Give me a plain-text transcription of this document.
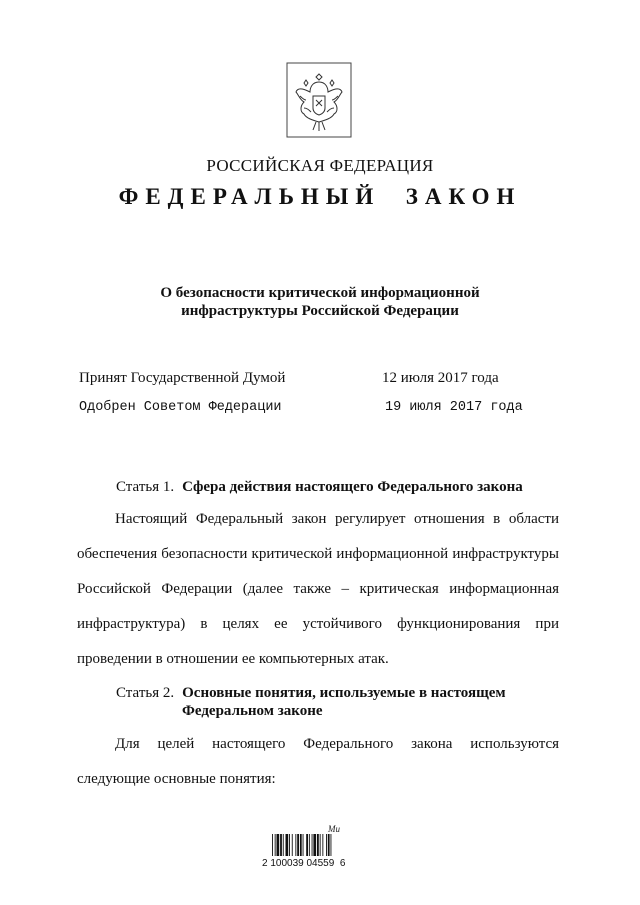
РОССИЙСКАЯ ФЕДЕРАЦИЯ
ФЕДЕРАЛЬНЫЙ  ЗАКОН
О безопасности критической информационной
инфраструктуры Российской Федерации
Принят Государственной Думой	12 июля 2017 года
Одобрен Советом Федерации	19 июля 2017 года
Статья 1. Сфера действия настоящего Федерального закона
Настоящий Федеральный закон регулирует отношения в области
обеспечения безопасности критической информационной инфраструктуры
Российской Федерации (далее также – критическая информационная
инфраструктура) в целях ее устойчивого функционирования при
проведении в отношении ее компьютерных атак.
Статья 2. Основные понятия, используемые в настоящем
Федеральном законе
Для целей настоящего Федерального закона используются
следующие основные понятия:
Ми
2 100039 04559  6
